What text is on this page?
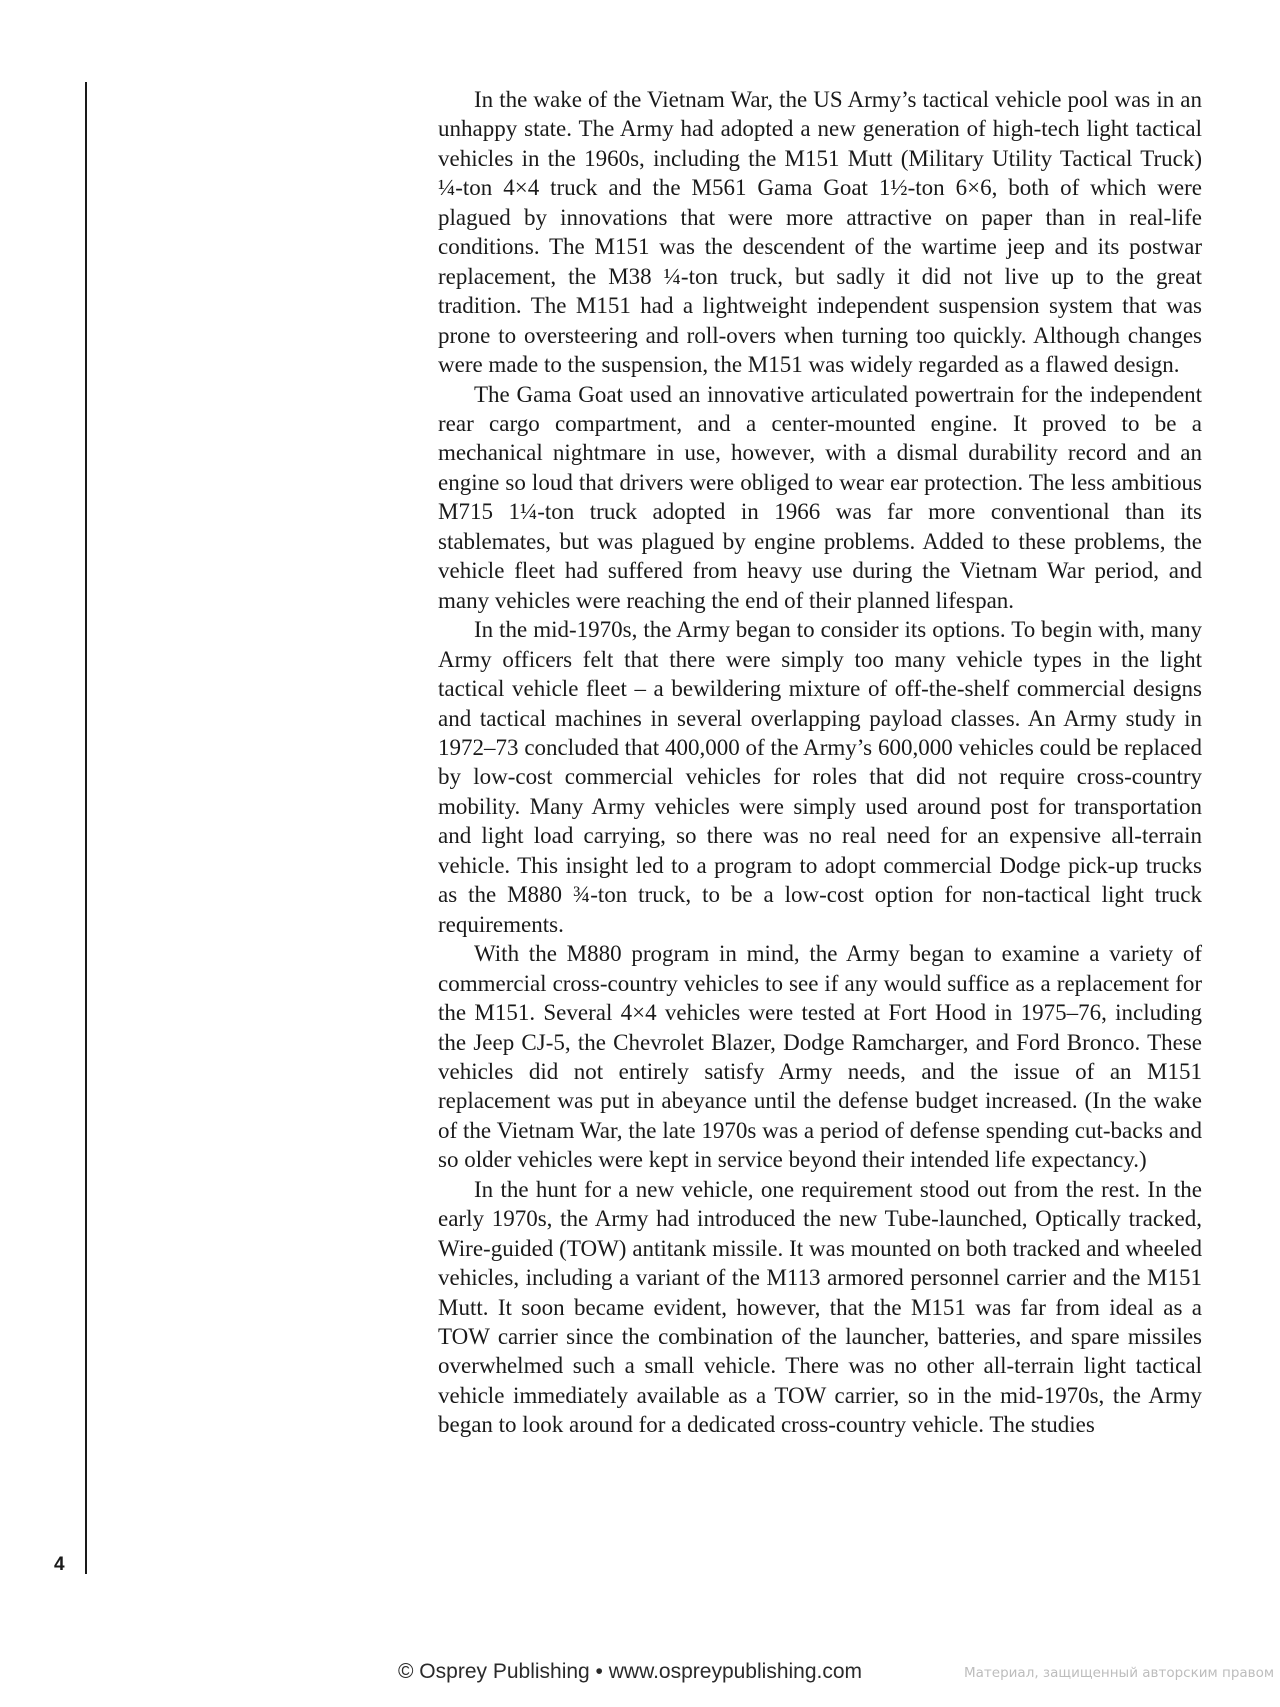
4

In the wake of the Vietnam War, the US Army’s tactical vehicle pool was in an unhappy state. The Army had adopted a new generation of high-tech light tactical vehicles in the 1960s, including the M151 Mutt (Military Utility Tactical Truck) ¼-ton 4×4 truck and the M561 Gama Goat 1½-ton 6×6, both of which were plagued by innovations that were more attractive on paper than in real-life conditions. The M151 was the descendent of the wartime jeep and its postwar replacement, the M38 ¼-ton truck, but sadly it did not live up to the great tradition. The M151 had a lightweight independent suspension system that was prone to oversteering and roll-overs when turning too quickly. Although changes were made to the suspension, the M151 was widely regarded as a flawed design.

The Gama Goat used an innovative articulated powertrain for the independent rear cargo compartment, and a center-mounted engine. It proved to be a mechanical nightmare in use, however, with a dismal durability record and an engine so loud that drivers were obliged to wear ear protection. The less ambitious M715 1¼-ton truck adopted in 1966 was far more conventional than its stablemates, but was plagued by engine problems. Added to these problems, the vehicle fleet had suffered from heavy use during the Vietnam War period, and many vehicles were reaching the end of their planned lifespan.

In the mid-1970s, the Army began to consider its options. To begin with, many Army officers felt that there were simply too many vehicle types in the light tactical vehicle fleet – a bewildering mixture of off-the-shelf commercial designs and tactical machines in several overlapping payload classes. An Army study in 1972–73 concluded that 400,000 of the Army’s 600,000 vehicles could be replaced by low-cost commercial vehicles for roles that did not require cross-country mobility. Many Army vehicles were simply used around post for transportation and light load carrying, so there was no real need for an expensive all-terrain vehicle. This insight led to a program to adopt commercial Dodge pick-up trucks as the M880 ¾-ton truck, to be a low-cost option for non-tactical light truck requirements.

With the M880 program in mind, the Army began to examine a variety of commercial cross-country vehicles to see if any would suffice as a replacement for the M151. Several 4×4 vehicles were tested at Fort Hood in 1975–76, including the Jeep CJ-5, the Chevrolet Blazer, Dodge Ramcharger, and Ford Bronco. These vehicles did not entirely satisfy Army needs, and the issue of an M151 replacement was put in abeyance until the defense budget increased. (In the wake of the Vietnam War, the late 1970s was a period of defense spending cut-backs and so older vehicles were kept in service beyond their intended life expectancy.)

In the hunt for a new vehicle, one requirement stood out from the rest. In the early 1970s, the Army had introduced the new Tube-launched, Optically tracked, Wire-guided (TOW) antitank missile. It was mounted on both tracked and wheeled vehicles, including a variant of the M113 armored personnel carrier and the M151 Mutt. It soon became evident, however, that the M151 was far from ideal as a TOW carrier since the combination of the launcher, batteries, and spare missiles overwhelmed such a small vehicle. There was no other all-terrain light tactical vehicle immediately available as a TOW carrier, so in the mid-1970s, the Army began to look around for a dedicated cross-country vehicle. The studies

© Osprey Publishing • www.ospreypublishing.com	Материал, защищенный авторским правом
